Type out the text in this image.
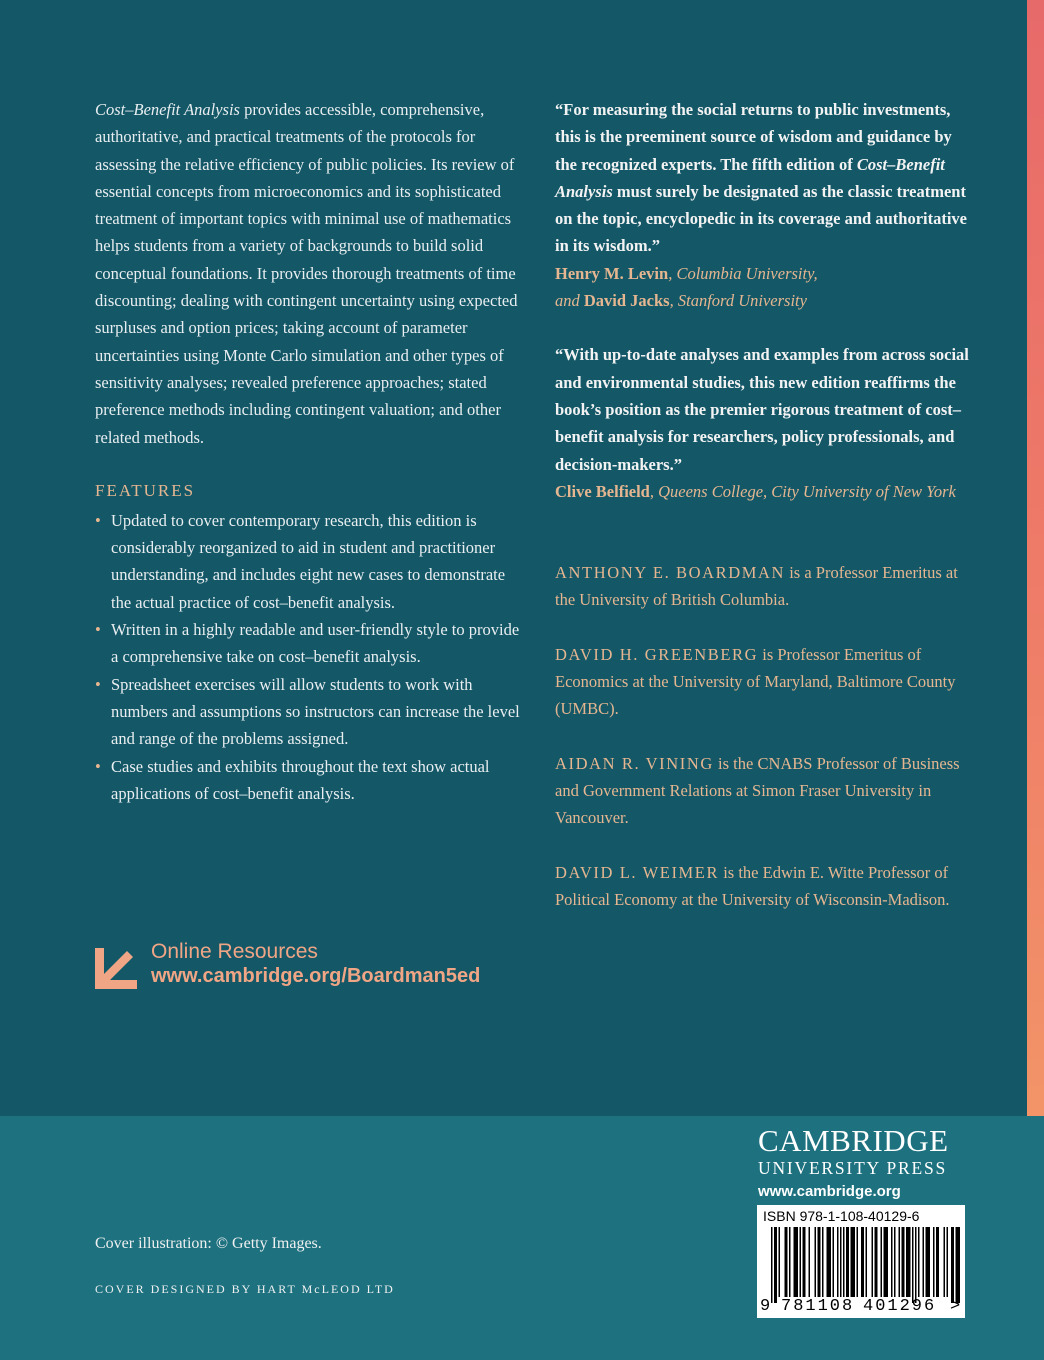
Cost–Benefit Analysis provides accessible, comprehensive, authoritative, and practical treatments of the protocols for assessing the relative efficiency of public policies. Its review of essential concepts from microeconomics and its sophisticated treatment of important topics with minimal use of mathematics helps students from a variety of backgrounds to build solid conceptual foundations. It provides thorough treatments of time discounting; dealing with contingent uncertainty using expected surpluses and option prices; taking account of parameter uncertainties using Monte Carlo simulation and other types of sensitivity analyses; revealed preference approaches; stated preference methods including contingent valuation; and other related methods.

FEATURES
• Updated to cover contemporary research, this edition is considerably reorganized to aid in student and practitioner understanding, and includes eight new cases to demonstrate the actual practice of cost–benefit analysis.
• Written in a highly readable and user-friendly style to provide a comprehensive take on cost–benefit analysis.
• Spreadsheet exercises will allow students to work with numbers and assumptions so instructors can increase the level and range of the problems assigned.
• Case studies and exhibits throughout the text show actual applications of cost–benefit analysis.
Online Resources
www.cambridge.org/Boardman5ed
“For measuring the social returns to public investments, this is the preeminent source of wisdom and guidance by the recognized experts. The fifth edition of Cost–Benefit Analysis must surely be designated as the classic treatment on the topic, encyclopedic in its coverage and authoritative in its wisdom.”
Henry M. Levin, Columbia University,
and David Jacks, Stanford University
“With up-to-date analyses and examples from across social and environmental studies, this new edition reaffirms the book’s position as the premier rigorous treatment of cost–benefit analysis for researchers, policy professionals, and decision-makers.”
Clive Belfield, Queens College, City University of New York
ANTHONY E. BOARDMAN is a Professor Emeritus at the University of British Columbia.
DAVID H. GREENBERG is Professor Emeritus of Economics at the University of Maryland, Baltimore County (UMBC).
AIDAN R. VINING is the CNABS Professor of Business and Government Relations at Simon Fraser University in Vancouver.
DAVID L. WEIMER is the Edwin E. Witte Professor of Political Economy at the University of Wisconsin-Madison.
Cover illustration: © Getty Images.
COVER DESIGNED BY HART McLEOD LTD
CAMBRIDGE
UNIVERSITY PRESS
www.cambridge.org
ISBN 978-1-108-40129-6
9 781108 401296 >
